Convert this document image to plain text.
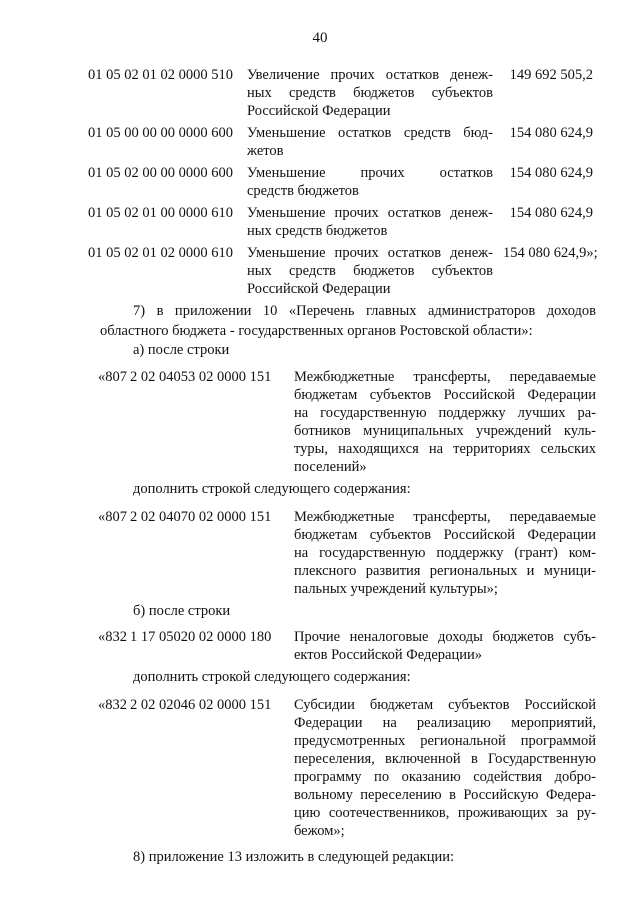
40
01 05 02 01 02 0000 510 Увеличение прочих остатков денеж-
ных средств бюджетов субъектов
Российской Федерации
149 692 505,2
01 05 00 00 00 0000 600 Уменьшение остатков средств бюд-
жетов
154 080 624,9
01 05 02 00 00 0000 600 Уменьшение прочих остатков
средств бюджетов
154 080 624,9
01 05 02 01 00 0000 610 Уменьшение прочих остатков денеж-
ных средств бюджетов
154 080 624,9
01 05 02 01 02 0000 610 Уменьшение прочих остатков денеж-
ных средств бюджетов субъектов
Российской Федерации
154 080 624,9»;
7) в приложении 10 «Перечень главных администраторов доходов
областного бюджета - государственных органов Ростовской области»:
а) после строки
«807 2 02 04053 02 0000 151 Межбюджетные трансферты, передаваемые
бюджетам субъектов Российской Федерации
на государственную поддержку лучших ра-
ботников муниципальных учреждений куль-
туры, находящихся на территориях сельских
поселений»
дополнить строкой следующего содержания:
«807 2 02 04070 02 0000 151 Межбюджетные трансферты, передаваемые
бюджетам субъектов Российской Федерации
на государственную поддержку (грант) ком-
плексного развития региональных и муници-
пальных учреждений культуры»;
б) после строки
«832 1 17 05020 02 0000 180 Прочие неналоговые доходы бюджетов субъ-
ектов Российской Федерации»
дополнить строкой следующего содержания:
«832 2 02 02046 02 0000 151 Субсидии бюджетам субъектов Российской
Федерации на реализацию мероприятий,
предусмотренных региональной программой
переселения, включенной в Государственную
программу по оказанию содействия добро-
вольному переселению в Российскую Федера-
цию соотечественников, проживающих за ру-
бежом»;
8) приложение 13 изложить в следующей редакции:
